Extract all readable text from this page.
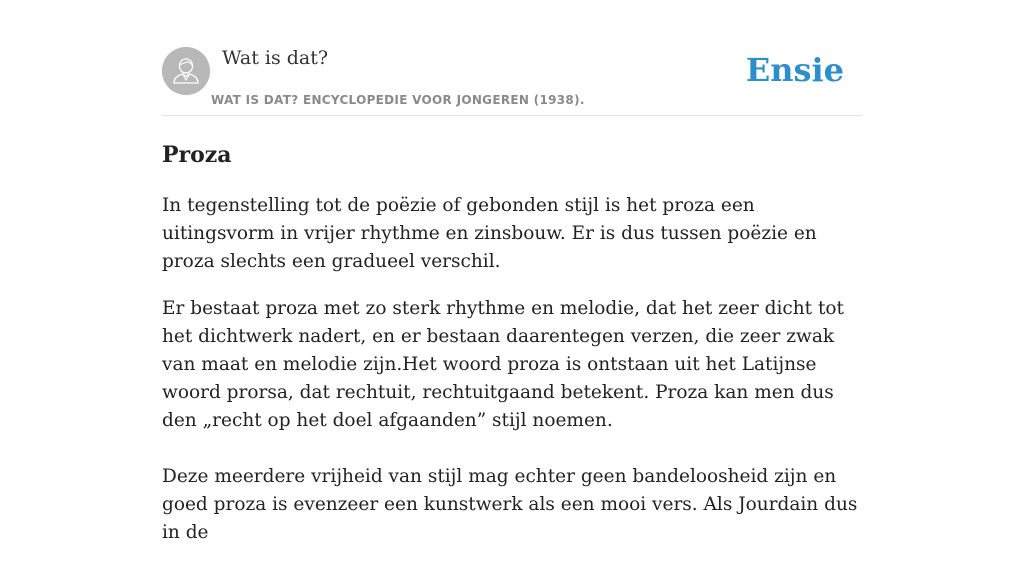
Wat is dat?
WAT IS DAT? ENCYCLOPEDIE VOOR JONGEREN (1938).
Ensie
Proza

In tegenstelling tot de poëzie of gebonden stijl is het proza een uitingsvorm in vrijer rhythme en zinsbouw. Er is dus tussen poëzie en proza slechts een gradueel verschil.

Er bestaat proza met zo sterk rhythme en melodie, dat het zeer dicht tot het dichtwerk nadert, en er bestaan daarentegen verzen, die zeer zwak van maat en melodie zijn.Het woord proza is ontstaan uit het Latijnse woord prorsa, dat rechtuit, rechtuitgaand betekent. Proza kan men dus den „recht op het doel afgaanden” stijl noemen.

Deze meerdere vrijheid van stijl mag echter geen bandeloosheid zijn en goed proza is evenzeer een kunstwerk als een mooi vers. Als Jourdain dus in de
